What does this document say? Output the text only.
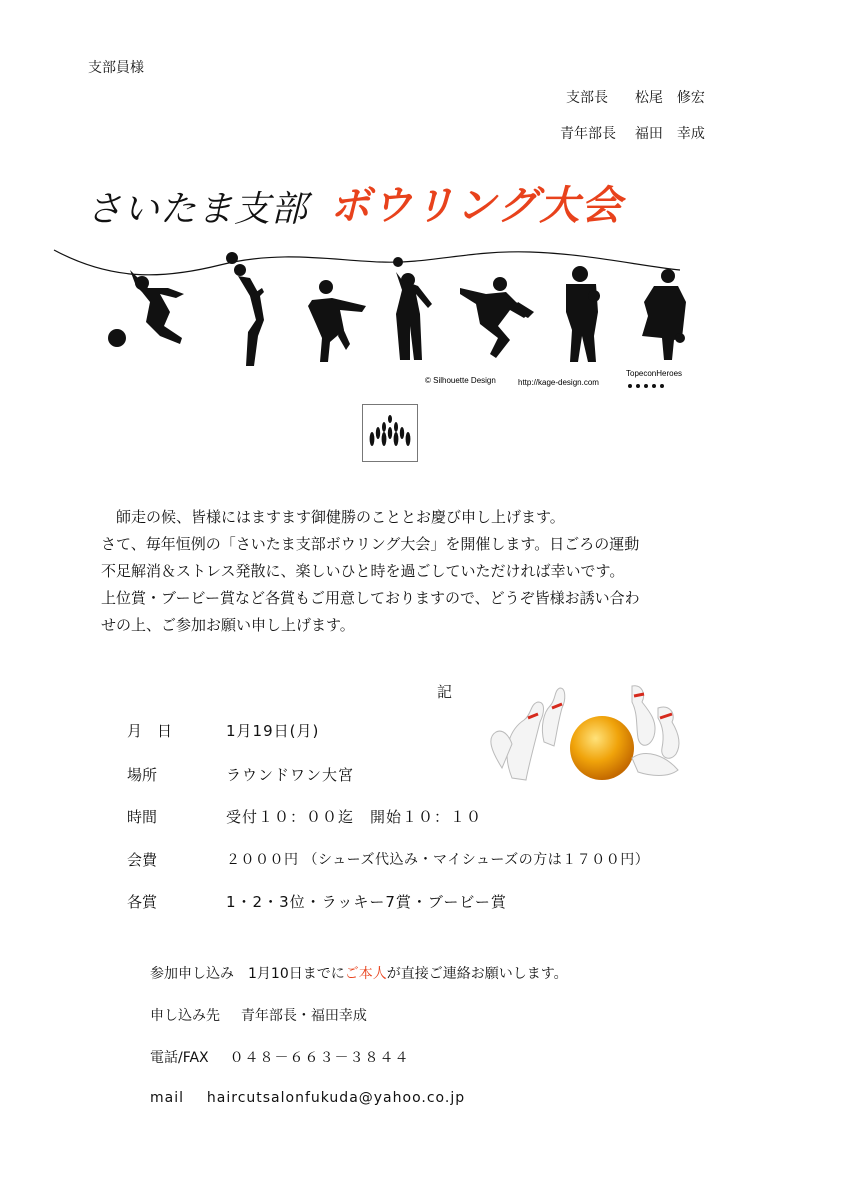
支部員様
支部長 松尾　修宏
青年部長 福田　幸成
さいたま支部 ボウリング大会
© Silhouette Design	http://kage-design.com
TopeconHeroes
　師走の候、皆様にはますます御健勝のこととお慶び申し上げます。
さて、毎年恒例の「さいたま支部ボウリング大会」を開催します。日ごろの運動
不足解消＆ストレス発散に、楽しいひと時を過ごしていただければ幸いです。
上位賞・ブービー賞など各賞もご用意しておりますので、どうぞ皆様お誘い合わ
せの上、ご参加お願い申し上げます。
記
月　日	1月19日(月)
場所	ラウンドワン大宮
時間	受付１０：００迄　開始１０：１０
会費	２０００円 （シューズ代込み・マイシューズの方は１７００円）
各賞	1・2・3位・ラッキー7賞・ブービー賞
参加申し込み　1月10日までにご本人が直接ご連絡お願いします。
申し込み先 青年部長・福田幸成
電話/FAX ０４８－６６３－３８４４
mail haircutsalonfukuda@yahoo.co.jp
